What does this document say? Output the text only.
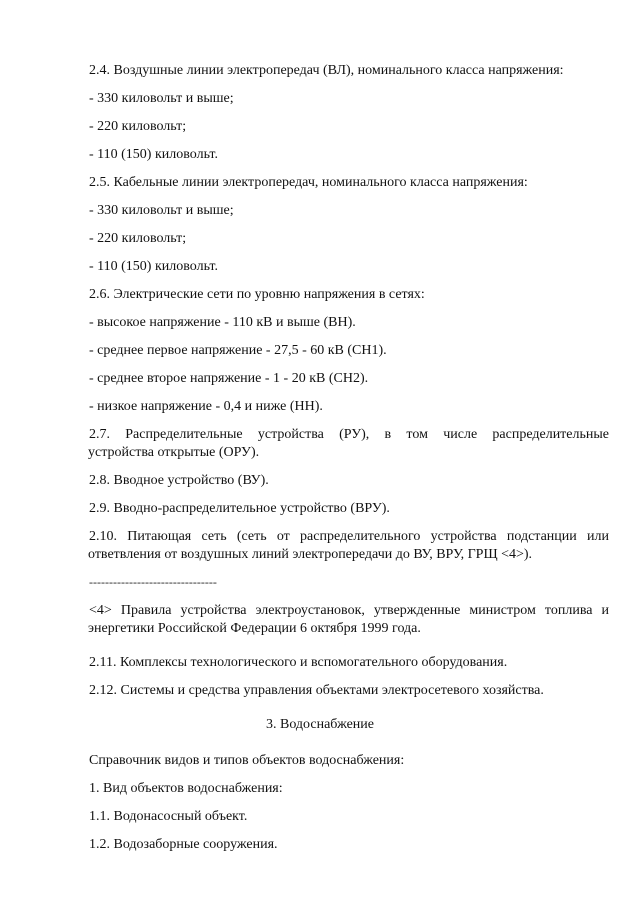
2.4. Воздушные линии электропередач (ВЛ), номинального класса напряжения:
- 330 киловольт и выше;
- 220 киловольт;
- 110 (150) киловольт.
2.5. Кабельные линии электропередач, номинального класса напряжения:
- 330 киловольт и выше;
- 220 киловольт;
- 110 (150) киловольт.
2.6. Электрические сети по уровню напряжения в сетях:
- высокое напряжение - 110 кВ и выше (ВН).
- среднее первое напряжение - 27,5 - 60 кВ (СН1).
- среднее второе напряжение - 1 - 20 кВ (СН2).
- низкое напряжение - 0,4 и ниже (НН).
2.7. Распределительные устройства (РУ), в том числе распределительные
устройства открытые (ОРУ).
2.8. Вводное устройство (ВУ).
2.9. Вводно-распределительное устройство (ВРУ).
2.10. Питающая сеть (сеть от распределительного устройства подстанции или
ответвления от воздушных линий электропередачи до ВУ, ВРУ, ГРЩ <4>).
--------------------------------
<4> Правила устройства электроустановок, утвержденные министром топлива и
энергетики Российской Федерации 6 октября 1999 года.
2.11. Комплексы технологического и вспомогательного оборудования.
2.12. Системы и средства управления объектами электросетевого хозяйства.
3. Водоснабжение
Справочник видов и типов объектов водоснабжения:
1. Вид объектов водоснабжения:
1.1. Водонасосный объект.
1.2. Водозаборные сооружения.
